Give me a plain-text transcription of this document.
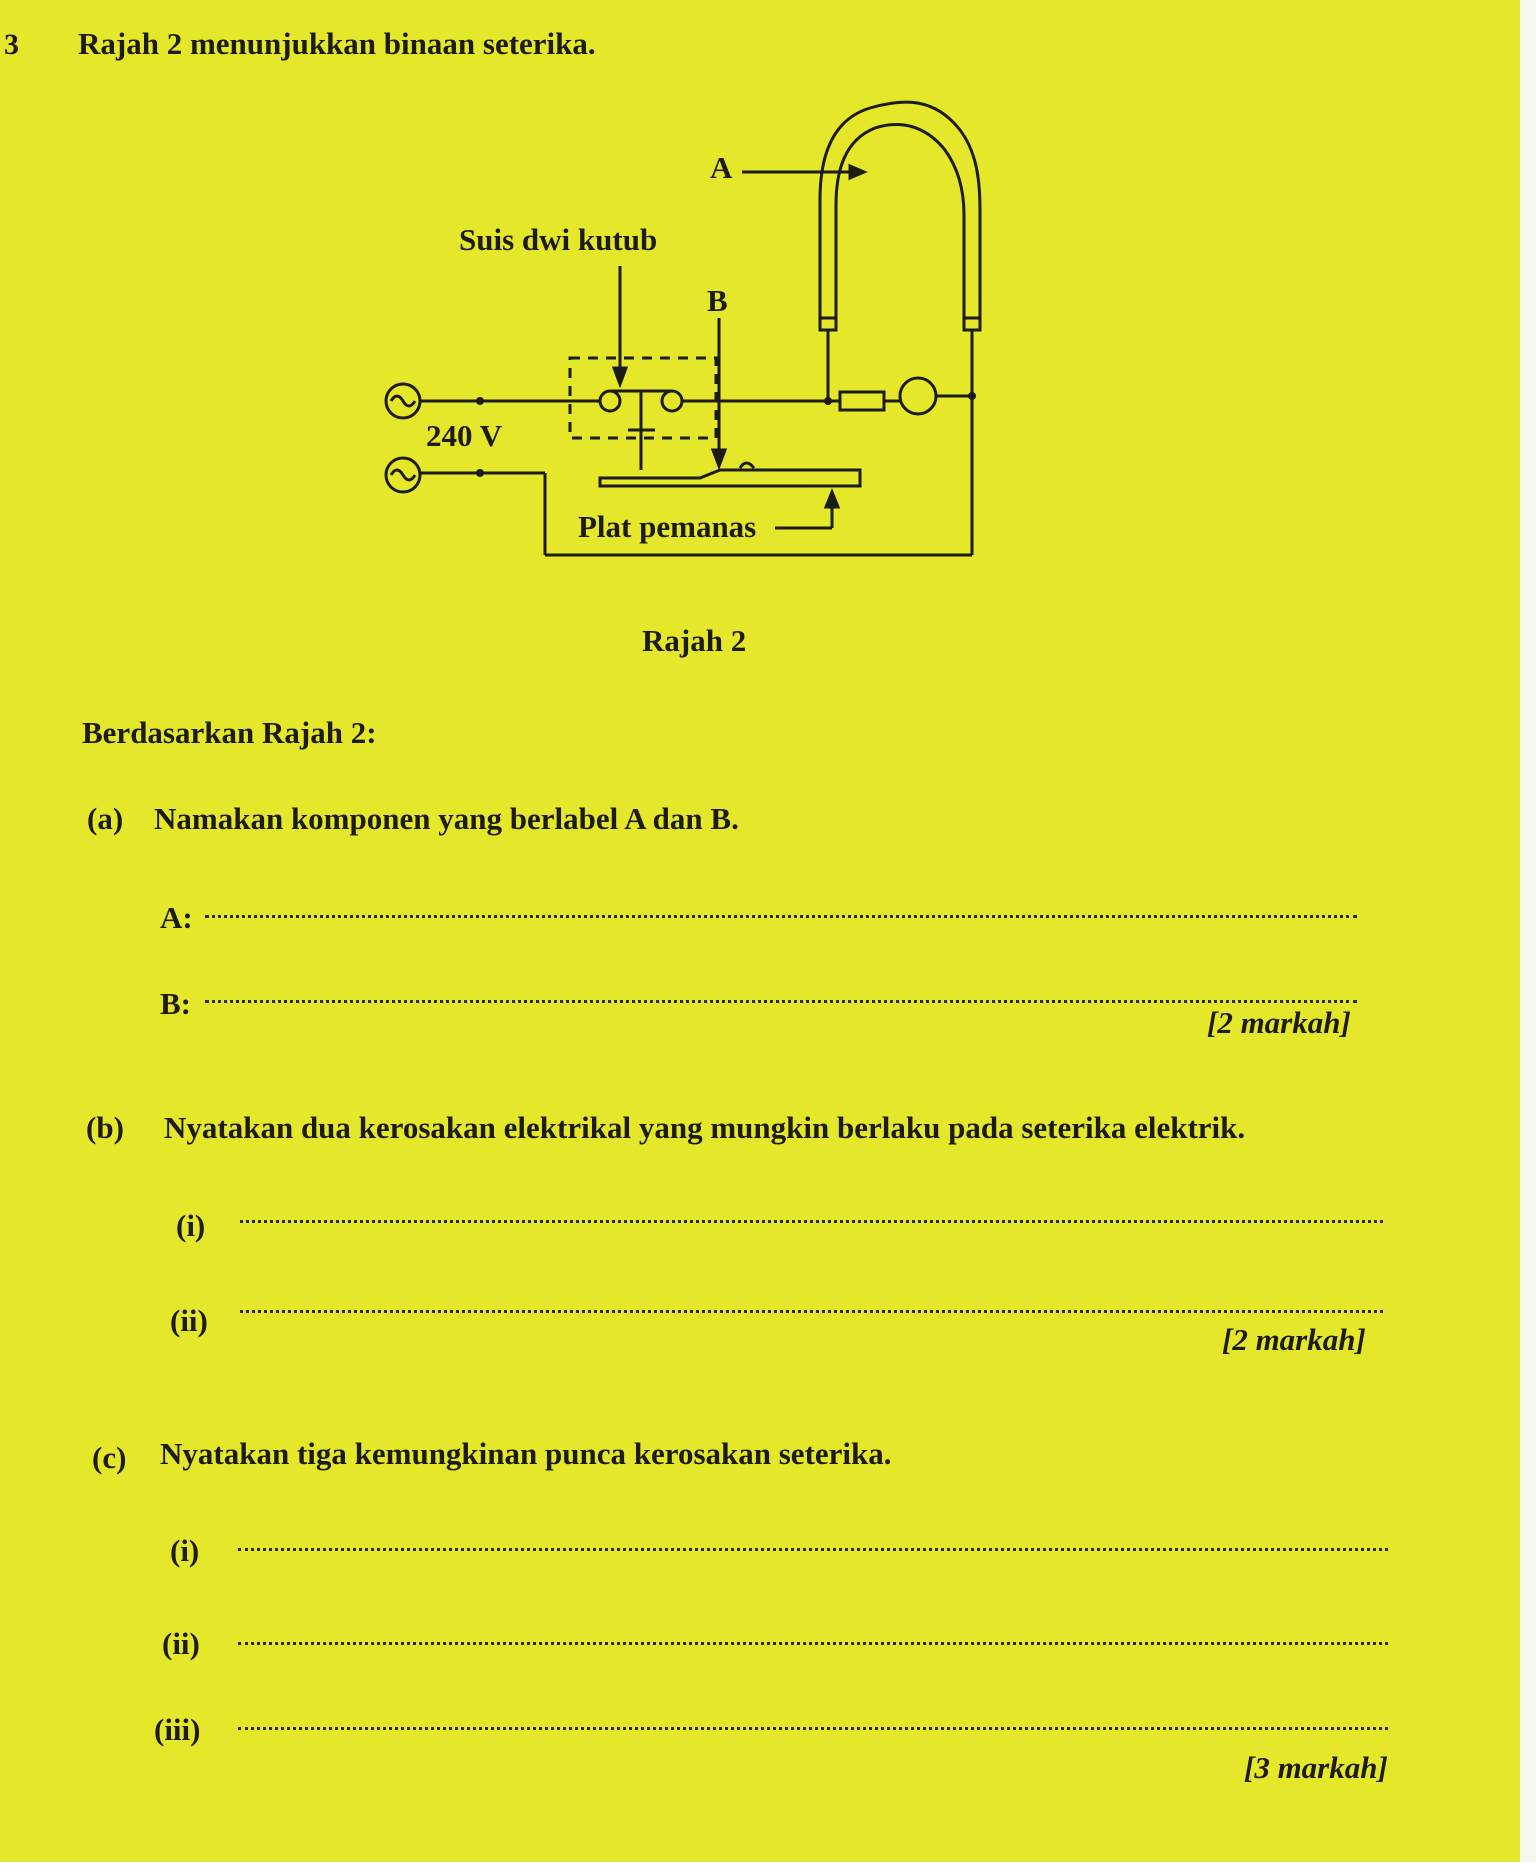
3 Rajah 2 menunjukkan binaan seterika.
A
B
Suis dwi kutub
240 V
Plat pemanas
Rajah 2
Berdasarkan Rajah 2:
(a) Namakan komponen yang berlabel A dan B.
A:
B:
[2 markah]
(b) Nyatakan dua kerosakan elektrikal yang mungkin berlaku pada seterika elektrik.
(i)
(ii)
[2 markah]
(c) Nyatakan tiga kemungkinan punca kerosakan seterika.
(i)
(ii)
(iii)
[3 markah]
